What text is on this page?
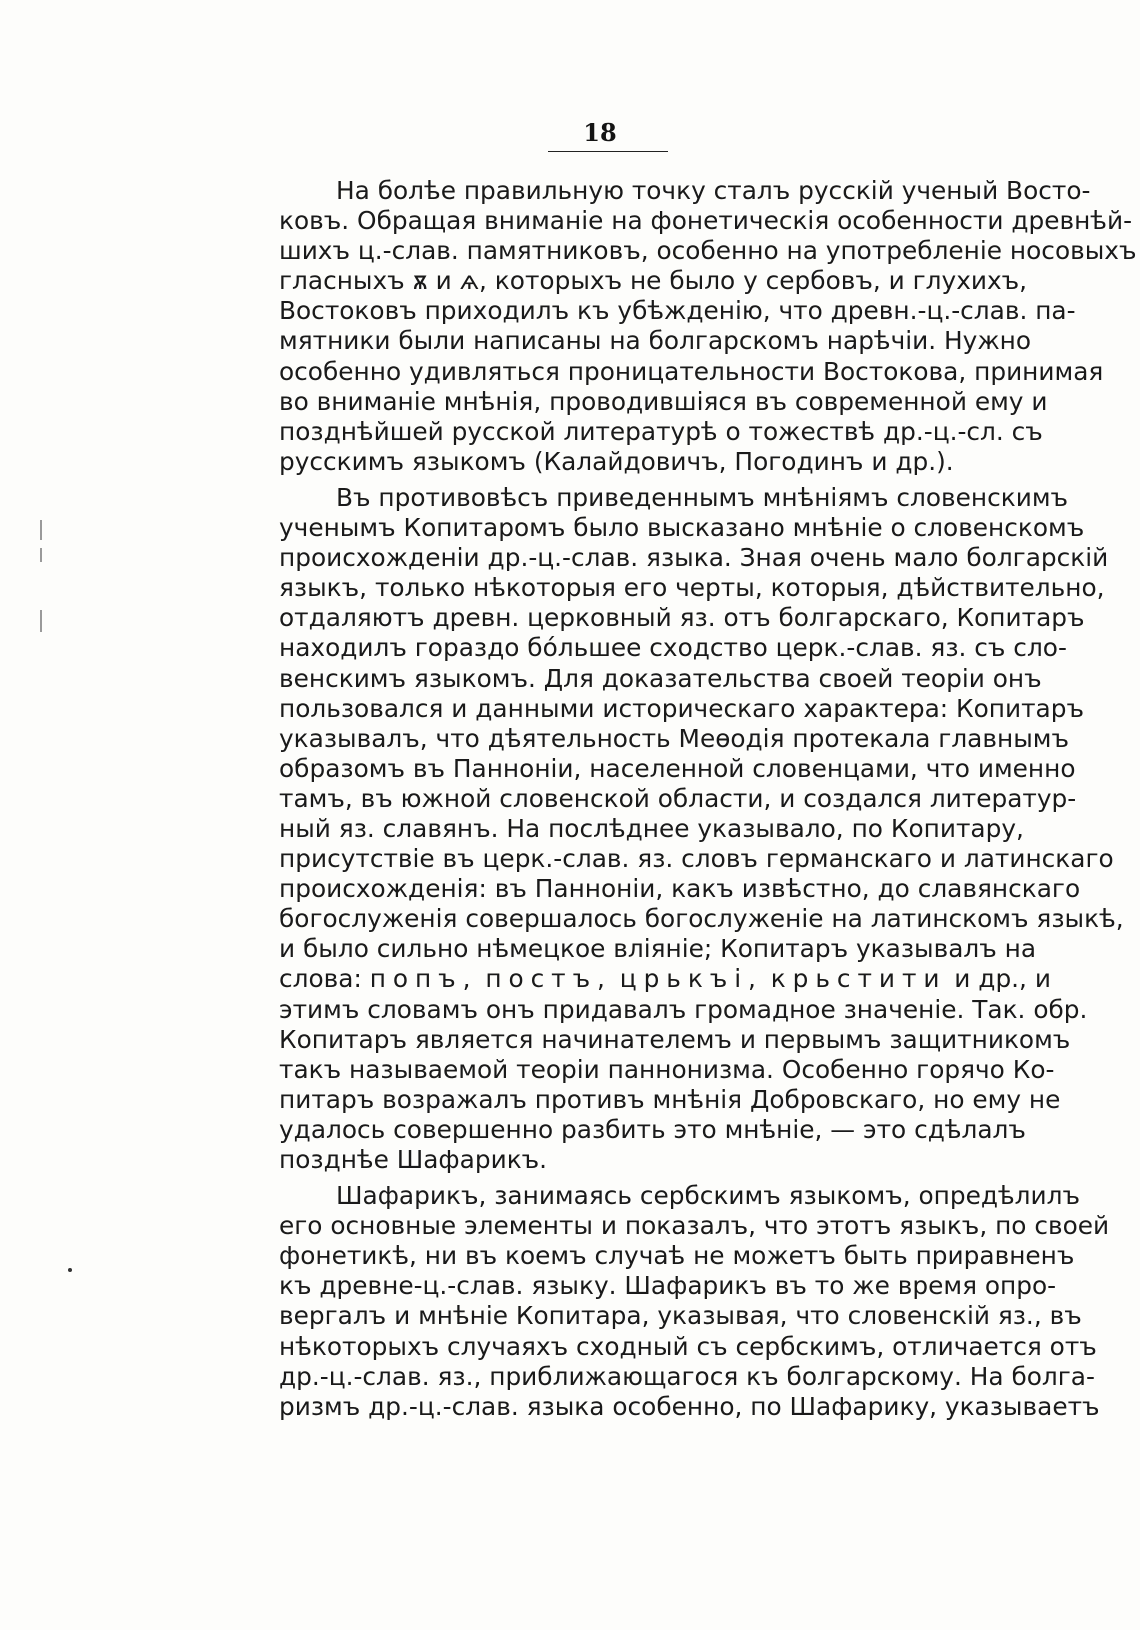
18
На болѣе правильную точку сталъ русскій ученый Восто-
ковъ. Обращая вниманіе на фонетическія особенности древнѣй-
шихъ ц.-слав. памятниковъ, особенно на употребленіе носовыхъ
гласныхъ ѫ и ѧ, которыхъ не было у сербовъ, и глухихъ,
Востоковъ приходилъ къ убѣжденію, что древн.-ц.-слав. па-
мятники были написаны на болгарскомъ нарѣчіи. Нужно
особенно удивляться проницательности Востокова, принимая
во вниманіе мнѣнія, проводившіяся въ современной ему и
позднѣйшей русской литературѣ о тожествѣ др.-ц.-сл. съ
русскимъ языкомъ (Калайдовичъ, Погодинъ и др.).
Въ противовѣсъ приведеннымъ мнѣніямъ словенскимъ
ученымъ Копитаромъ было высказано мнѣніе о словенскомъ
происхожденіи др.-ц.-слав. языка. Зная очень мало болгарскій
языкъ, только нѣкоторыя его черты, которыя, дѣйствительно,
отдаляютъ древн. церковный яз. отъ болгарскаго, Копитаръ
находилъ гораздо бо́льшее сходство церк.-слав. яз. съ сло-
венскимъ языкомъ. Для доказательства своей теоріи онъ
пользовался и данными историческаго характера: Копитаръ
указывалъ, что дѣятельность Меѳодія протекала главнымъ
образомъ въ Панноніи, населенной словенцами, что именно
тамъ, въ южной словенской области, и создался литератур-
ный яз. славянъ. На послѣднее указывало, по Копитару,
присутствіе въ церк.-слав. яз. словъ германскаго и латинскаго
происхожденія: въ Панноніи, какъ извѣстно, до славянскаго
богослуженія совершалось богослуженіе на латинскомъ языкѣ,
и было сильно нѣмецкое вліяніе; Копитаръ указывалъ на
слова: попъ, постъ, црькъі, крьстити и др., и
этимъ словамъ онъ придавалъ громадное значеніе. Так. обр.
Копитаръ является начинателемъ и первымъ защитникомъ
такъ называемой теоріи паннонизма. Особенно горячо Ко-
питаръ возражалъ противъ мнѣнія Добровскаго, но ему не
удалось совершенно разбить это мнѣніе, — это сдѣлалъ
позднѣе Шафарикъ.
Шафарикъ, занимаясь сербскимъ языкомъ, опредѣлилъ
его основные элементы и показалъ, что этотъ языкъ, по своей
фонетикѣ, ни въ коемъ случаѣ не можетъ быть приравненъ
къ древне-ц.-слав. языку. Шафарикъ въ то же время опро-
вергалъ и мнѣніе Копитара, указывая, что словенскій яз., въ
нѣкоторыхъ случаяхъ сходный съ сербскимъ, отличается отъ
др.-ц.-слав. яз., приближающагося къ болгарскому. На болга-
ризмъ др.-ц.-слав. языка особенно, по Шафарику, указываетъ
